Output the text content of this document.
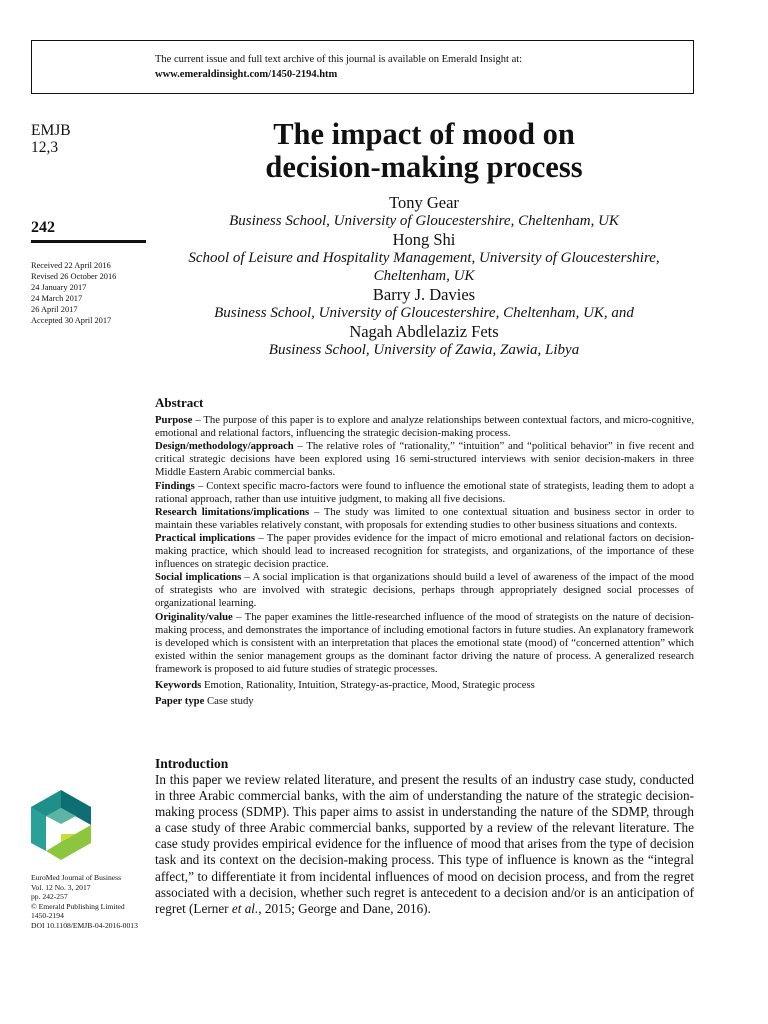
The current issue and full text archive of this journal is available on Emerald Insight at:
www.emeraldinsight.com/1450-2194.htm
EMJB
12,3
242
Received 22 April 2016
Revised 26 October 2016
24 January 2017
24 March 2017
26 April 2017
Accepted 30 April 2017
The impact of mood on
decision-making process
Tony Gear
Business School, University of Gloucestershire, Cheltenham, UK
Hong Shi
School of Leisure and Hospitality Management, University of Gloucestershire,
Cheltenham, UK
Barry J. Davies
Business School, University of Gloucestershire, Cheltenham, UK, and
Nagah Abdlelaziz Fets
Business School, University of Zawia, Zawia, Libya
Abstract

Purpose – The purpose of this paper is to explore and analyze relationships between contextual factors, and micro-cognitive, emotional and relational factors, influencing the strategic decision-making process.

Design/methodology/approach – The relative roles of “rationality,” “intuition” and “political behavior” in five recent and critical strategic decisions have been explored using 16 semi-structured interviews with senior decision-makers in three Middle Eastern Arabic commercial banks.

Findings – Context specific macro-factors were found to influence the emotional state of strategists, leading them to adopt a rational approach, rather than use intuitive judgment, to making all five decisions.

Research limitations/implications – The study was limited to one contextual situation and business sector in order to maintain these variables relatively constant, with proposals for extending studies to other business situations and contexts.

Practical implications – The paper provides evidence for the impact of micro emotional and relational factors on decision-making practice, which should lead to increased recognition for strategists, and organizations, of the importance of these influences on strategic decision practice.

Social implications – A social implication is that organizations should build a level of awareness of the impact of the mood of strategists who are involved with strategic decisions, perhaps through appropriately designed social processes of organizational learning.

Originality/value – The paper examines the little-researched influence of the mood of strategists on the nature of decision-making process, and demonstrates the importance of including emotional factors in future studies. An explanatory framework is developed which is consistent with an interpretation that places the emotional state (mood) of “concerned attention” which existed within the senior management groups as the dominant factor driving the nature of process. A generalized research framework is proposed to aid future studies of strategic processes.

Keywords Emotion, Rationality, Intuition, Strategy-as-practice, Mood, Strategic process

Paper type Case study

Introduction

In this paper we review related literature, and present the results of an industry case study, conducted in three Arabic commercial banks, with the aim of understanding the nature of the strategic decision-making process (SDMP). This paper aims to assist in understanding the nature of the SDMP, through a case study of three Arabic commercial banks, supported by a review of the relevant literature. The case study provides empirical evidence for the influence of mood that arises from the type of decision task and its context on the decision-making process. This type of influence is known as the “integral affect,” to differentiate it from incidental influences of mood on decision process, and from the regret associated with a decision, whether such regret is antecedent to a decision and/or is an anticipation of regret (Lerner et al., 2015; George and Dane, 2016).

EuroMed Journal of Business
Vol. 12 No. 3, 2017
pp. 242-257
© Emerald Publishing Limited
1450-2194
DOI 10.1108/EMJB-04-2016-0013
